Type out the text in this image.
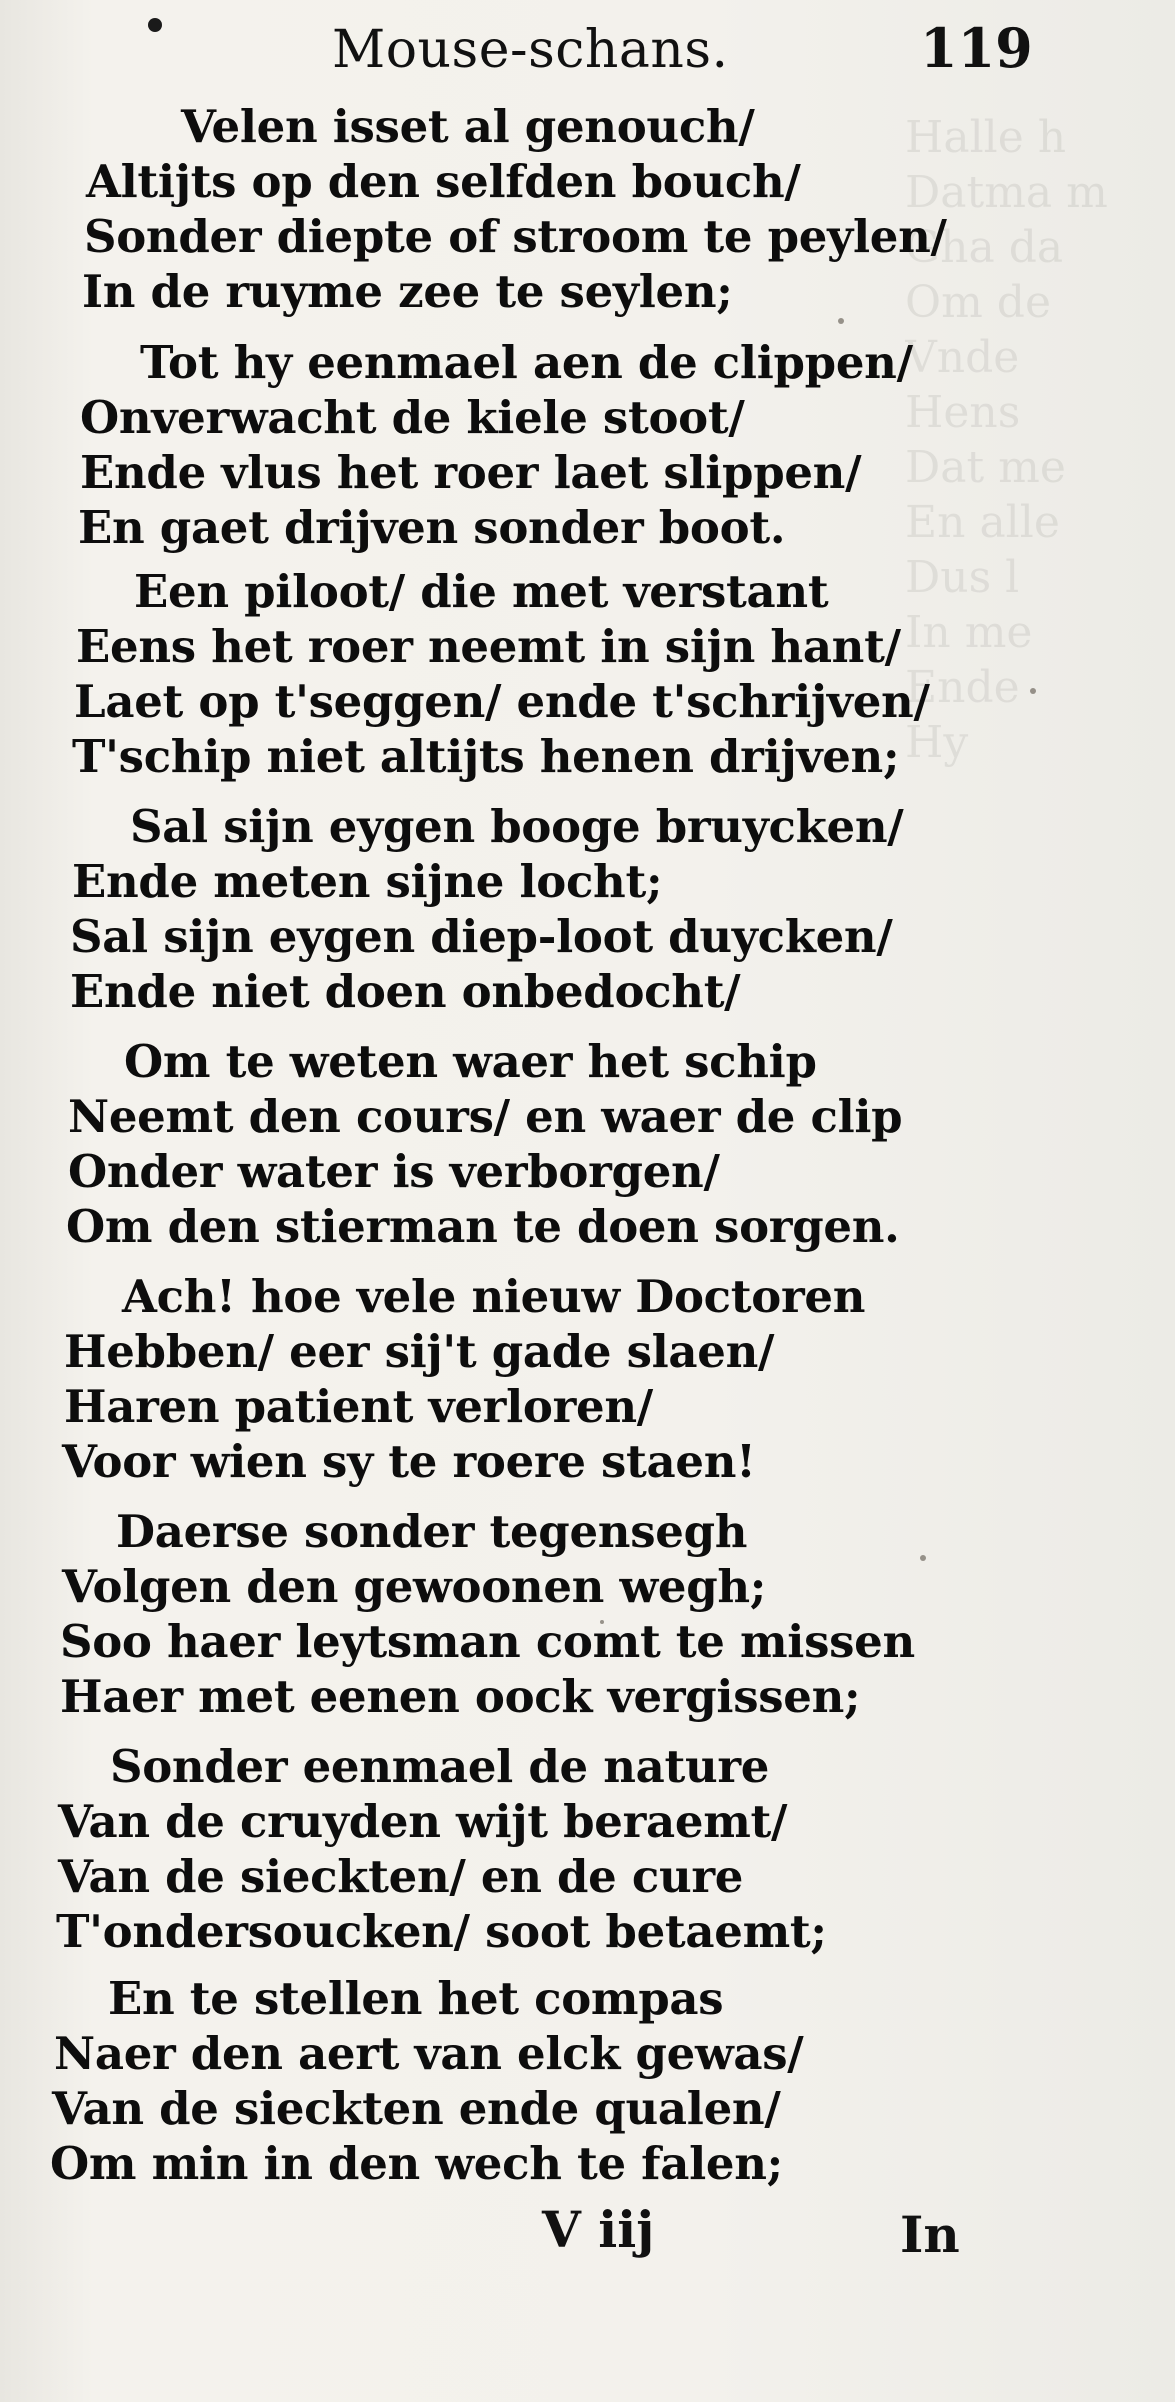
Halle h
Datma m
Gha da
Om de
Vnde
Hens
Dat me
En alle
Dus l
In me
Ende
Hy
Mouse-schans.	119
Velen isset al genouch/
Altijts op den selfden bouch/
Sonder diepte of stroom te peylen/
In de ruyme zee te seylen;
Tot hy eenmael aen de clippen/
Onverwacht de kiele stoot/
Ende vlus het roer laet slippen/
En gaet drijven sonder boot.
Een piloot/ die met verstant
Eens het roer neemt in sijn hant/
Laet op t'seggen/ ende t'schrijven/
T'schip niet altijts henen drijven;
Sal sijn eygen booge bruycken/
Ende meten sijne locht;
Sal sijn eygen diep-loot duycken/
Ende niet doen onbedocht/
Om te weten waer het schip
Neemt den cours/ en waer de clip
Onder water is verborgen/
Om den stierman te doen sorgen.
Ach! hoe vele nieuw Doctoren
Hebben/ eer sij't gade slaen/
Haren patient verloren/
Voor wien sy te roere staen!
Daerse sonder tegensegh
Volgen den gewoonen wegh;
Soo haer leytsman comt te missen
Haer met eenen oock vergissen;
Sonder eenmael de nature
Van de cruyden wijt beraemt/
Van de sieckten/ en de cure
T'ondersoucken/ soot betaemt;
En te stellen het compas
Naer den aert van elck gewas/
Van de sieckten ende qualen/
Om min in den wech te falen;
V iij	In
